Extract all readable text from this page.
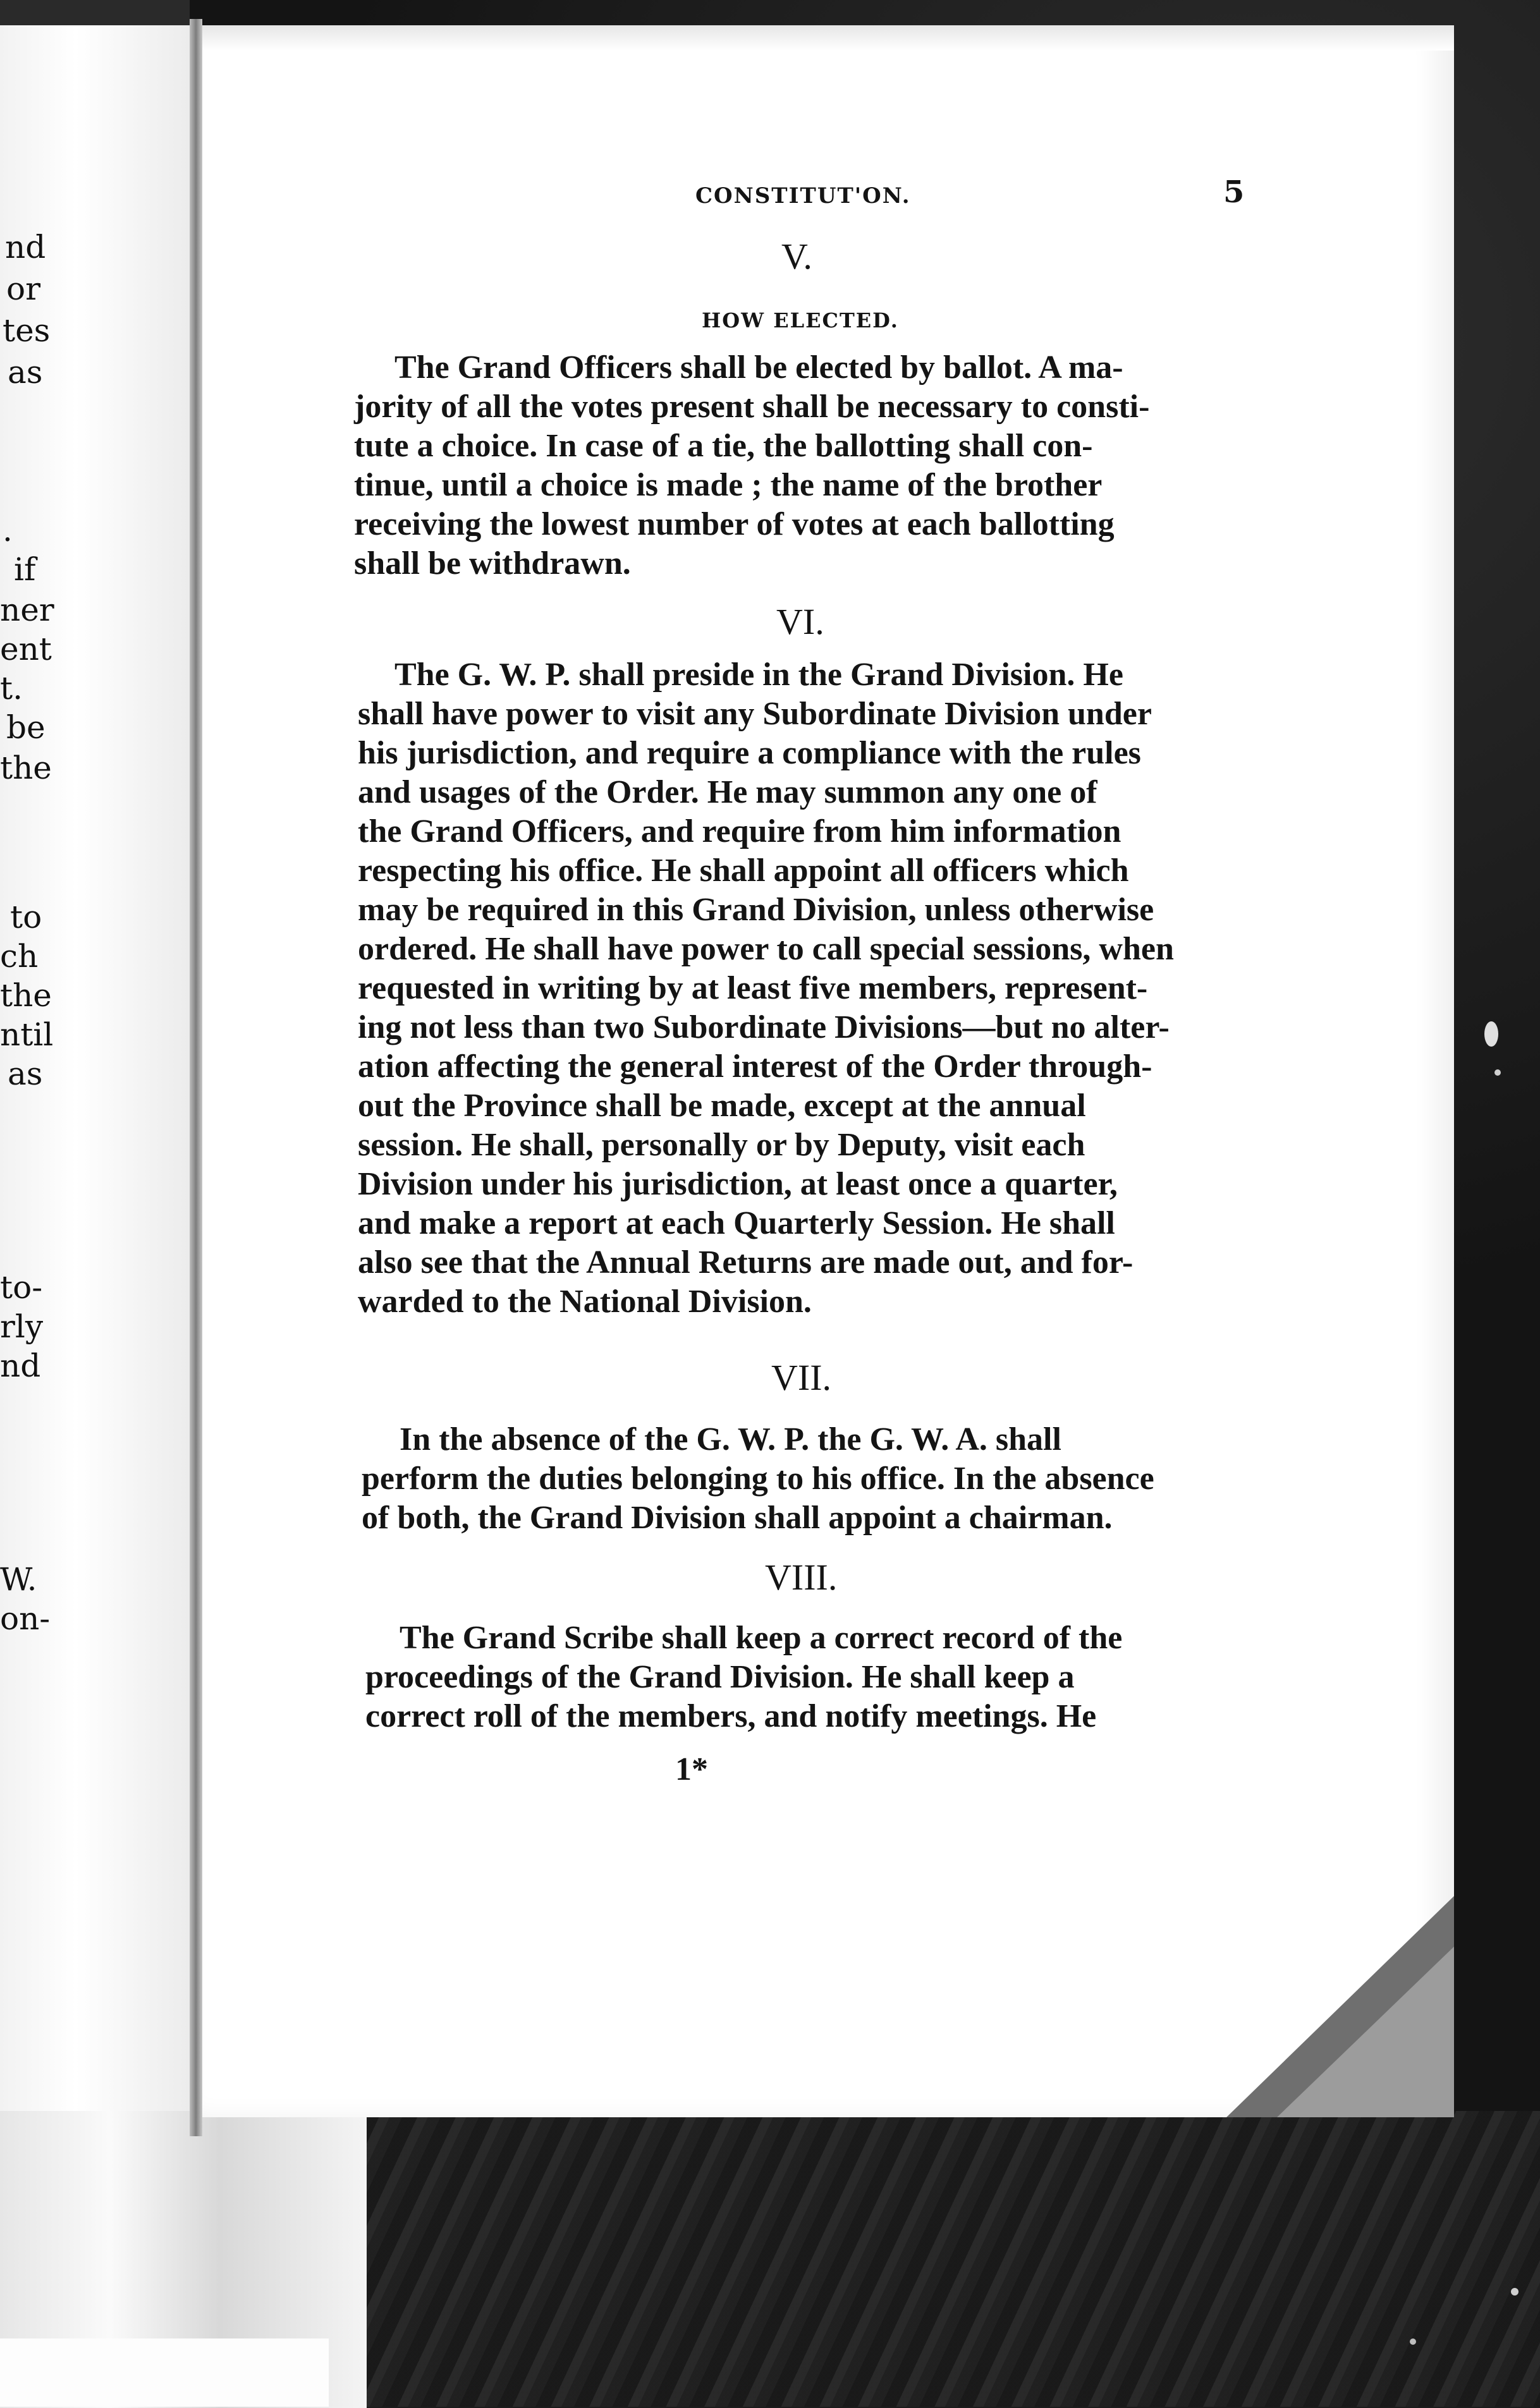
nd
or
tes
as
.
if
ner
ent
t.
be
the
to
ch
the
ntil
as
to-
rly
nd
W.
on-
CONSTITUT'ON.	5
V.
HOW ELECTED.
The Grand Officers shall be elected by ballot. A ma-
jority of all the votes present shall be necessary to consti-
tute a choice. In case of a tie, the ballotting shall con-
tinue, until a choice is made ; the name of the brother
receiving the lowest number of votes at each ballotting
shall be withdrawn.
VI.
The G. W. P. shall preside in the Grand Division. He
shall have power to visit any Subordinate Division under
his jurisdiction, and require a compliance with the rules
and usages of the Order. He may summon any one of
the Grand Officers, and require from him information
respecting his office. He shall appoint all officers which
may be required in this Grand Division, unless otherwise
ordered. He shall have power to call special sessions, when
requested in writing by at least five members, represent-
ing not less than two Subordinate Divisions—but no alter-
ation affecting the general interest of the Order through-
out the Province shall be made, except at the annual
session. He shall, personally or by Deputy, visit each
Division under his jurisdiction, at least once a quarter,
and make a report at each Quarterly Session. He shall
also see that the Annual Returns are made out, and for-
warded to the National Division.
VII.
In the absence of the G. W. P. the G. W. A. shall
perform the duties belonging to his office. In the absence
of both, the Grand Division shall appoint a chairman.
VIII.
The Grand Scribe shall keep a correct record of the
proceedings of the Grand Division. He shall keep a
correct roll of the members, and notify meetings. He
1*
